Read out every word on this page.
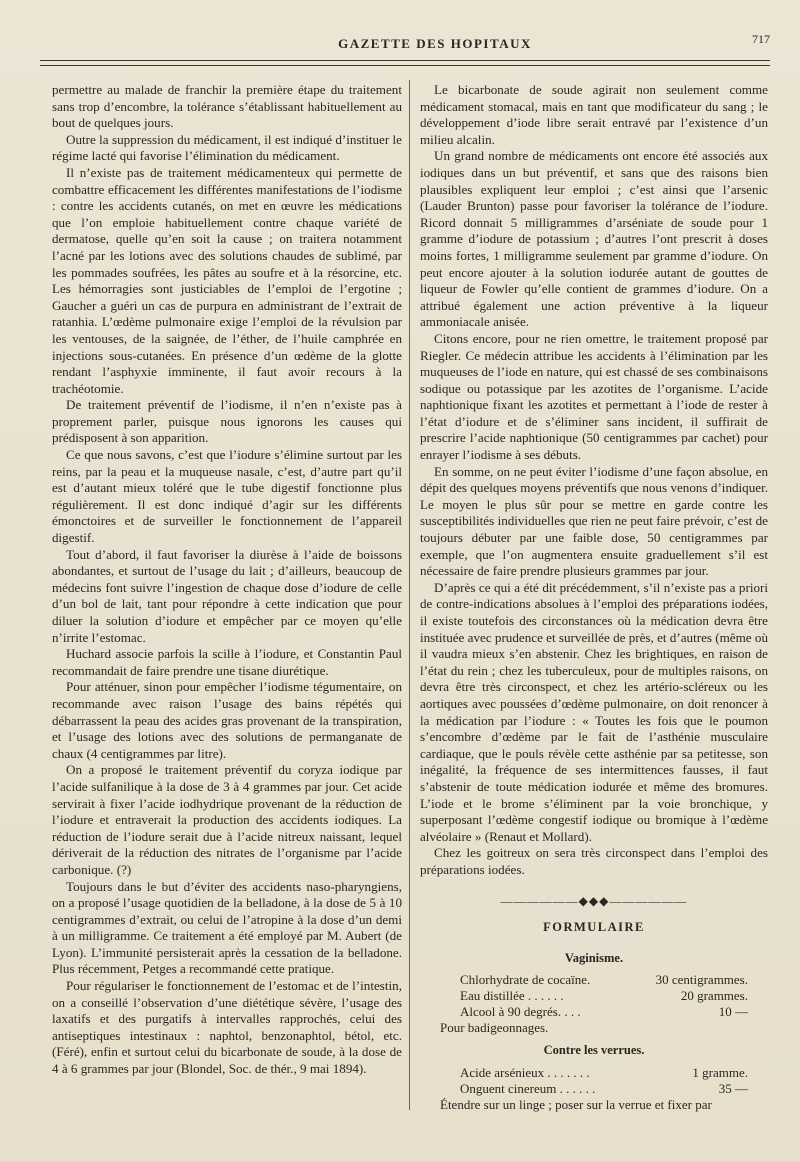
GAZETTE DES HOPITAUX	717

permettre au malade de franchir la première étape du traitement sans trop d’encombre, la tolérance s’établissant habituellement au bout de quelques jours.

Outre la suppression du médicament, il est indiqué d’instituer le régime lacté qui favorise l’élimination du médicament.

Il n’existe pas de traitement médicamenteux qui permette de combattre efficacement les différentes manifestations de l’iodisme : contre les accidents cutanés, on met en œuvre les médications que l’on emploie habituellement contre chaque variété de dermatose, quelle qu’en soit la cause ; on traitera notamment l’acné par les lotions avec des solutions chaudes de sublimé, par les pommades soufrées, les pâtes au soufre et à la résorcine, etc. Les hémorragies sont justiciables de l’emploi de l’ergotine ; Gaucher a guéri un cas de purpura en administrant de l’extrait de ratanhia. L’œdème pulmonaire exige l’emploi de la révulsion par les ventouses, de la saignée, de l’éther, de l’huile camphrée en injections sous-cutanées. En présence d’un œdème de la glotte rendant l’asphyxie imminente, il faut avoir recours à la trachéotomie.

De traitement préventif de l’iodisme, il n’en n’existe pas à proprement parler, puisque nous ignorons les causes qui prédisposent à son apparition.

Ce que nous savons, c’est que l’iodure s’élimine surtout par les reins, par la peau et la muqueuse nasale, c’est, d’autre part qu’il est d’autant mieux toléré que le tube digestif fonctionne plus régulièrement. Il est donc indiqué d’agir sur les différents émonctoires et de surveiller le fonctionnement de l’appareil digestif.

Tout d’abord, il faut favoriser la diurèse à l’aide de boissons abondantes, et surtout de l’usage du lait ; d’ailleurs, beaucoup de médecins font suivre l’ingestion de chaque dose d’iodure de celle d’un bol de lait, tant pour répondre à cette indication que pour diluer la solution d’iodure et empêcher par ce moyen qu’elle n’irrite l’estomac.

Huchard associe parfois la scille à l’iodure, et Constantin Paul recommandait de faire prendre une tisane diurétique.

Pour atténuer, sinon pour empêcher l’iodisme tégumentaire, on recommande avec raison l’usage des bains répétés qui débarrassent la peau des acides gras provenant de la transpiration, et l’usage des lotions avec des solutions de permanganate de chaux (4 centigrammes par litre).

On a proposé le traitement préventif du coryza iodique par l’acide sulfanilique à la dose de 3 à 4 grammes par jour. Cet acide servirait à fixer l’acide iodhydrique provenant de la réduction de l’iodure et entraverait la production des accidents iodiques. La réduction de l’iodure serait due à l’acide nitreux naissant, lequel dériverait de la réduction des nitrates de l’organisme par l’acide carbonique. (?)

Toujours dans le but d’éviter des accidents naso-pharyngiens, on a proposé l’usage quotidien de la belladone, à la dose de 5 à 10 centigrammes d’extrait, ou celui de l’atropine à la dose d’un demi à un milligramme. Ce traitement a été employé par M. Aubert (de Lyon). L’immunité persisterait après la cessation de la belladone. Plus récemment, Petges a recommandé cette pratique.

Pour régulariser le fonctionnement de l’estomac et de l’intestin, on a conseillé l’observation d’une diététique sévère, l’usage des laxatifs et des purgatifs à intervalles rapprochés, celui des antiseptiques intestinaux : naphtol, benzonaphtol, bétol, etc. (Féré), enfin et surtout celui du bicarbonate de soude, à la dose de 4 à 6 grammes par jour (Blondel, Soc. de thér., 9 mai 1894).

Le bicarbonate de soude agirait non seulement comme médicament stomacal, mais en tant que modificateur du sang ; le développement d’iode libre serait entravé par l’existence d’un milieu alcalin.

Un grand nombre de médicaments ont encore été associés aux iodiques dans un but préventif, et sans que des raisons bien plausibles expliquent leur emploi ; c’est ainsi que l’arsenic (Lauder Brunton) passe pour favoriser la tolérance de l’iodure. Ricord donnait 5 milligrammes d’arséniate de soude pour 1 gramme d’iodure de potassium ; d’autres l’ont prescrit à doses moins fortes, 1 milligramme seulement par gramme d’iodure. On peut encore ajouter à la solution iodurée autant de gouttes de liqueur de Fowler qu’elle contient de grammes d’iodure. On a attribué également une action préventive à la liqueur ammoniacale anisée.

Citons encore, pour ne rien omettre, le traitement proposé par Riegler. Ce médecin attribue les accidents à l’élimination par les muqueuses de l’iode en nature, qui est chassé de ses combinaisons sodique ou potassique par les azotites de l’organisme. L’acide naphtionique fixant les azotites et permettant à l’iode de rester à l’état d’iodure et de s’éliminer sans incident, il suffirait de prescrire l’acide naphtionique (50 centigrammes par cachet) pour enrayer l’iodisme à ses débuts.

En somme, on ne peut éviter l’iodisme d’une façon absolue, en dépit des quelques moyens préventifs que nous venons d’indiquer. Le moyen le plus sûr pour se mettre en garde contre les susceptibilités individuelles que rien ne peut faire prévoir, c’est de toujours débuter par une faible dose, 50 centigrammes par exemple, que l’on augmentera ensuite graduellement s’il est nécessaire de faire prendre plusieurs grammes par jour.

D’après ce qui a été dit précédemment, s’il n’existe pas a priori de contre-indications absolues à l’emploi des préparations iodées, il existe toutefois des circonstances où la médication devra être instituée avec prudence et surveillée de près, et d’autres (même où il vaudra mieux s’en abstenir. Chez les brightiques, en raison de l’état du rein ; chez les tuberculeux, pour de multiples raisons, on devra être très circonspect, et chez les artério-scléreux ou les aortiques avec poussées d’œdème pulmonaire, on doit renoncer à la médication par l’iodure : « Toutes les fois que le poumon s’encombre d’œdème par le fait de l’asthénie musculaire cardiaque, que le pouls révèle cette asthénie par sa petitesse, son inégalité, la fréquence de ses intermittences fausses, il faut s’abstenir de toute médication iodurée et même des bromures. L’iode et le brome s’éliminent par la voie bronchique, y superposant l’œdème congestif iodique ou bromique à l’œdème alvéolaire » (Renaut et Mollard).

Chez les goitreux on sera très circonspect dans l’emploi des préparations iodées.

——————◆◆◆——————
FORMULAIRE
Vaginisme.
Chlorhydrate de cocaïne.	30 centigrammes.
Eau distillée . . . . . .	20 grammes.
Alcool à 90 degrés. . . .	10 —
Pour badigeonnages.
Contre les verrues.
Acide arsénieux . . . . . . .	1 gramme.
Onguent cinereum . . . . . .	35 —
Étendre sur un linge ; poser sur la verrue et fixer par
